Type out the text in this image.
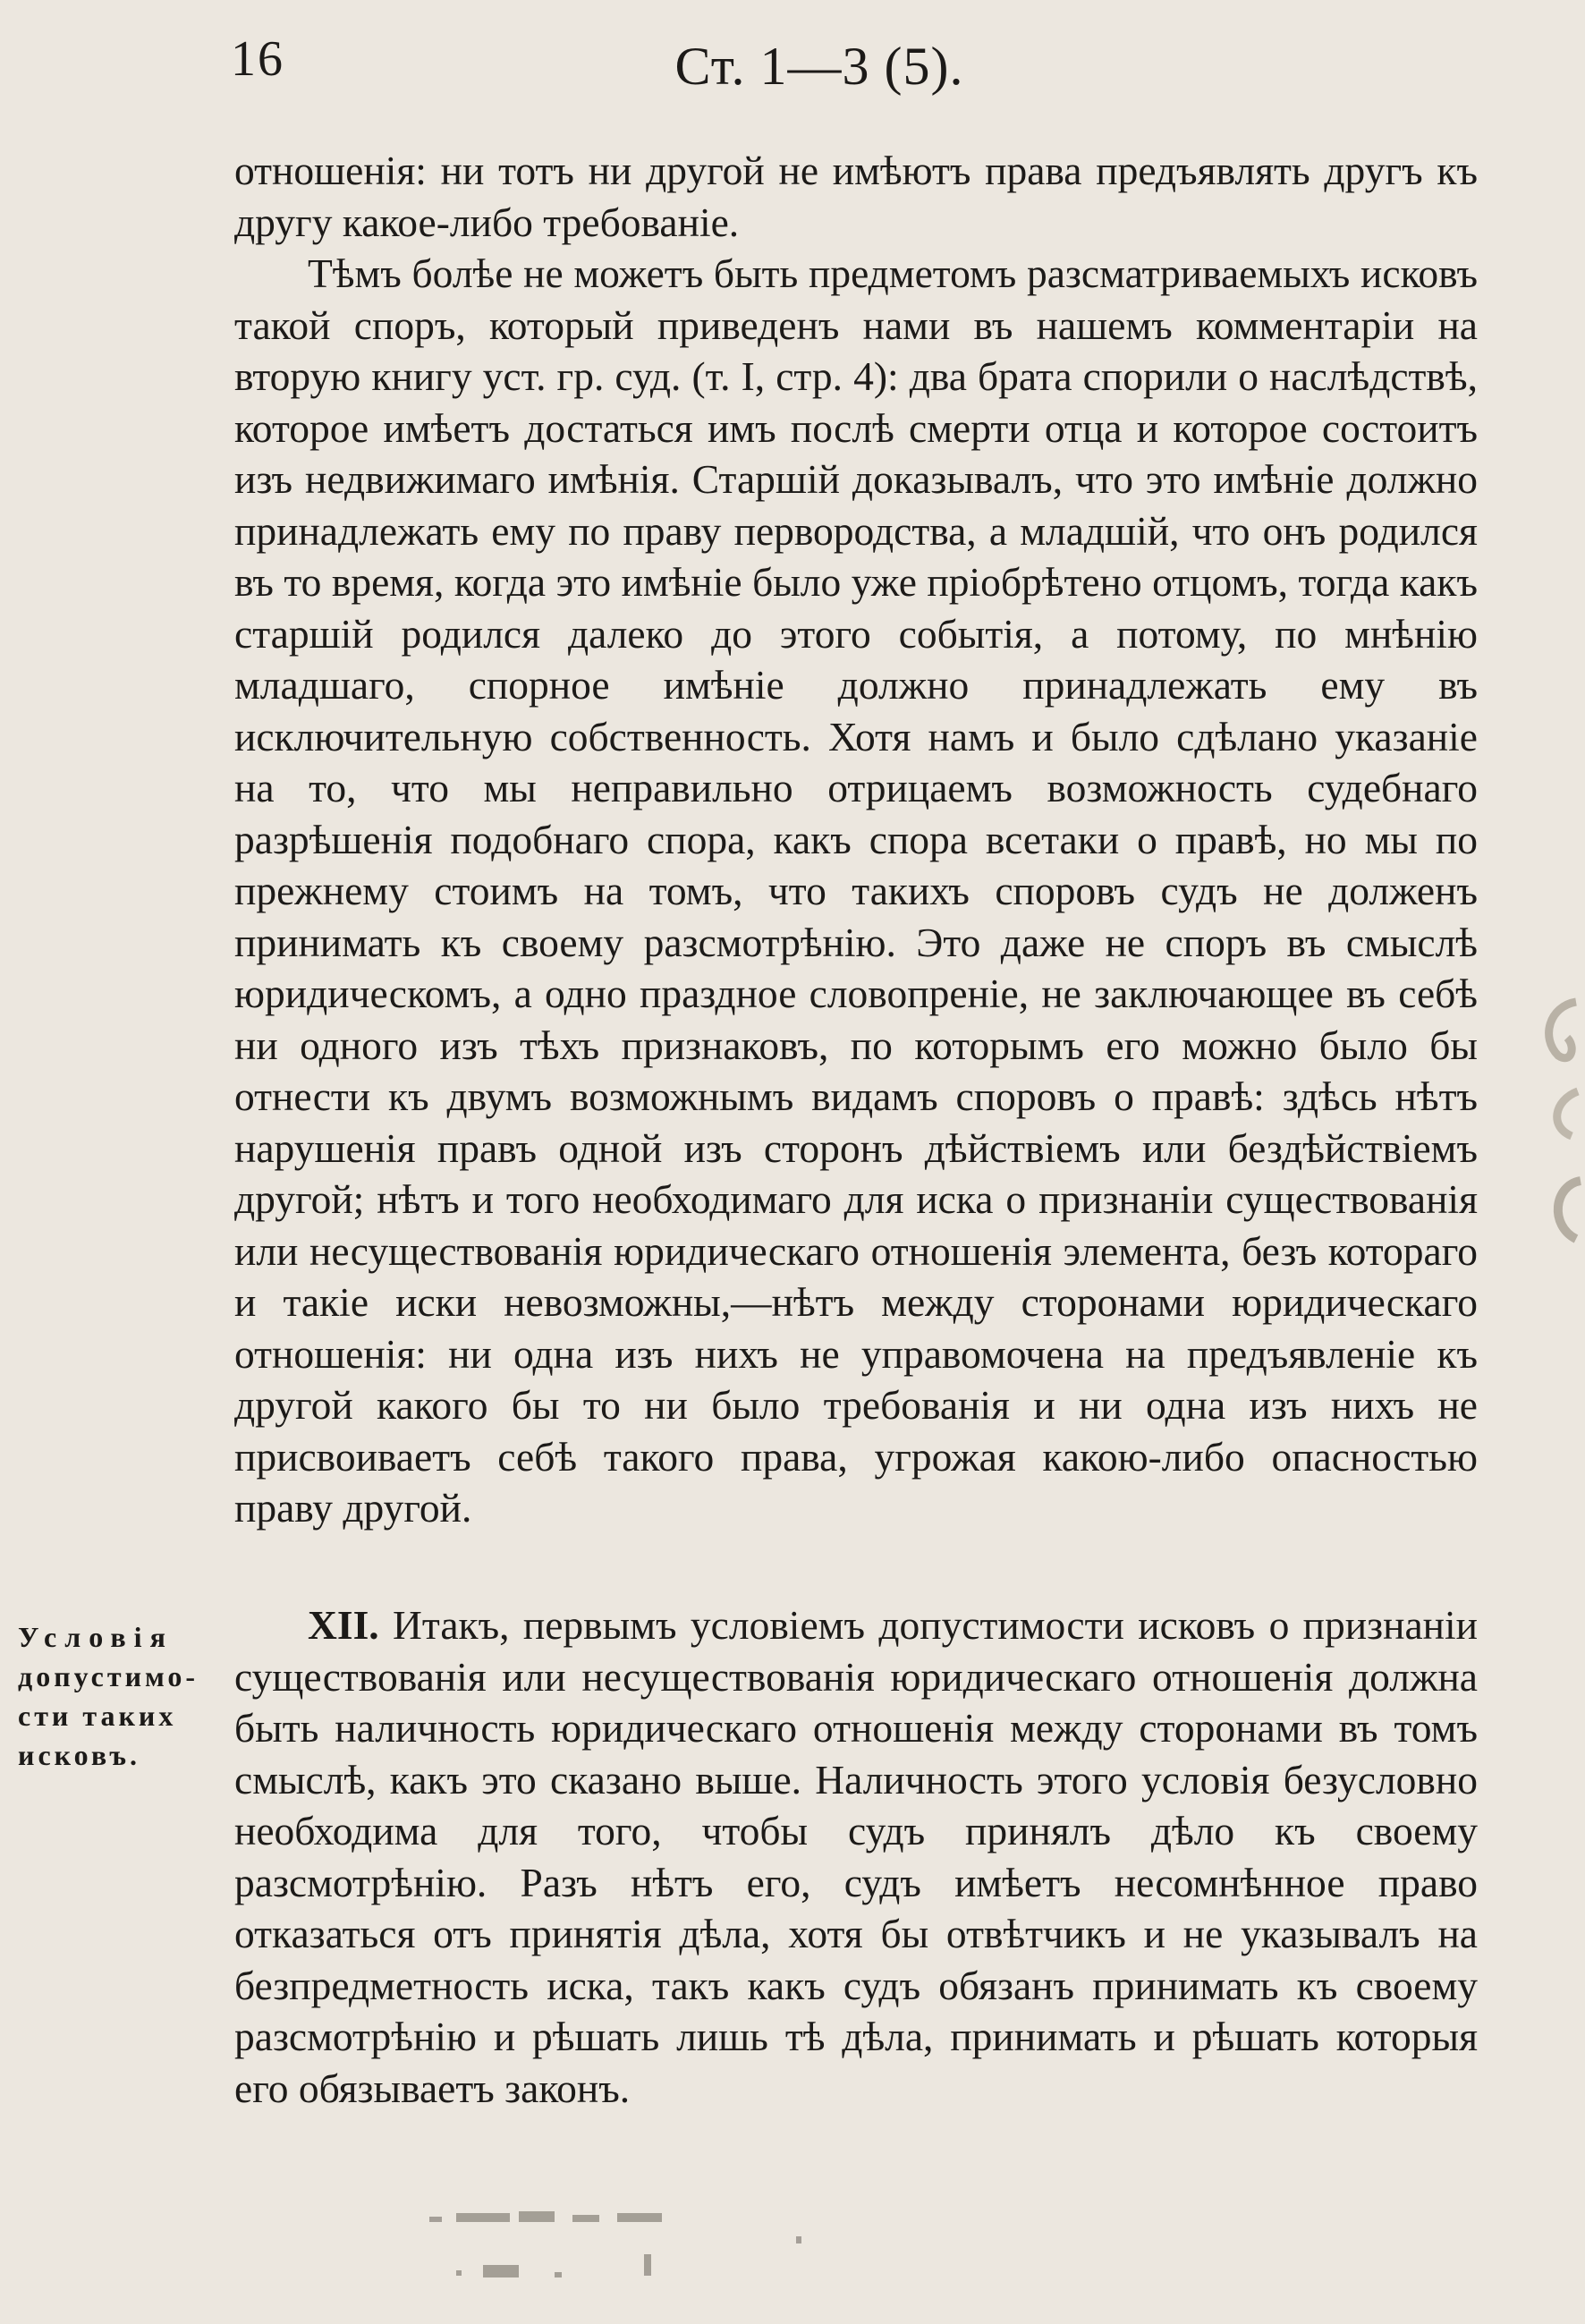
16	Ст. 1—3 (5).

отношенія: ни тотъ ни другой не имѣютъ права предъявлять другъ къ другу какое-либо требованіе.

Тѣмъ болѣе не можетъ быть предметомъ разсматриваемыхъ исковъ такой споръ, который приведенъ нами въ нашемъ комментаріи на вторую книгу уст. гр. суд. (т. I, стр. 4): два брата спорили о наслѣдствѣ, которое имѣетъ достаться имъ послѣ смерти отца и которое состоитъ изъ недвижимаго имѣнія. Старшій доказывалъ, что это имѣніе должно принадлежать ему по праву первородства, а младшій, что онъ родился въ то время, когда это имѣніе было уже пріобрѣтено отцомъ, тогда какъ старшій родился далеко до этого событія, а потому, по мнѣнію младшаго, спорное имѣніе должно принадлежать ему въ исключительную собственность. Хотя намъ и было сдѣлано указаніе на то, что мы неправильно отрицаемъ возможность судебнаго разрѣшенія подобнаго спора, какъ спора всетаки о правѣ, но мы по прежнему стоимъ на томъ, что такихъ споровъ судъ не долженъ принимать къ своему разсмотрѣнію. Это даже не споръ въ смыслѣ юридическомъ, а одно праздное словопреніе, не заключающее въ себѣ ни одного изъ тѣхъ признаковъ, по которымъ его можно было бы отнести къ двумъ возможнымъ видамъ споровъ о правѣ: здѣсь нѣтъ нарушенія правъ одной изъ сторонъ дѣйствіемъ или бездѣйствіемъ другой; нѣтъ и того необходимаго для иска о признаніи существованія или несуществованія юридическаго отношенія элемента, безъ котораго и такіе иски невозможны,—нѣтъ между сторонами юридическаго отношенія: ни одна изъ нихъ не управомочена на предъявленіе къ другой какого бы то ни было требованія и ни одна изъ нихъ не присвоиваетъ себѣ такого права, угрожая какою-либо опасностью праву другой.

Условія
допустимо-
сти таких
исковъ.

XII. Итакъ, первымъ условіемъ допустимости исковъ о признаніи существованія или несуществованія юридическаго отношенія должна быть наличность юридическаго отношенія между сторонами въ томъ смыслѣ, какъ это сказано выше. Наличность этого условія безусловно необходима для того, чтобы судъ принялъ дѣло къ своему разсмотрѣнію. Разъ нѣтъ его, судъ имѣетъ несомнѣнное право отказаться отъ принятія дѣла, хотя бы отвѣтчикъ и не указывалъ на безпредметность иска, такъ какъ судъ обязанъ принимать къ своему разсмотрѣнію и рѣшать лишь тѣ дѣла, принимать и рѣшать которыя его обязываетъ законъ.
